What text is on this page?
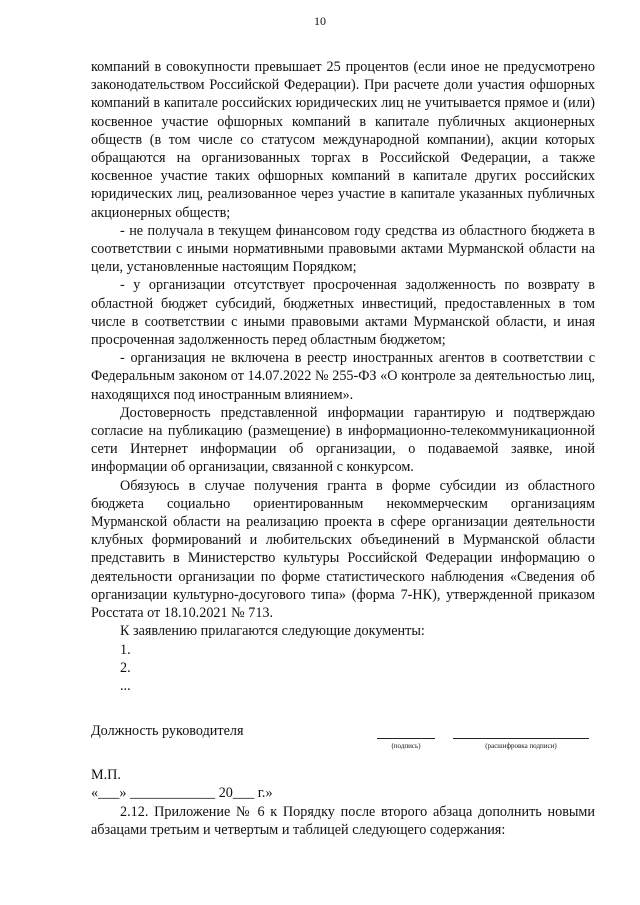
10

компаний в совокупности превышает 25 процентов (если иное не предусмотрено законодательством Российской Федерации). При расчете доли участия офшорных компаний в капитале российских юридических лиц не учитывается прямое и (или) косвенное участие офшорных компаний в капитале публичных акционерных обществ (в том числе со статусом международной компании), акции которых обращаются на организованных торгах в Российской Федерации, а также косвенное участие таких офшорных компаний в капитале других российских юридических лиц, реализованное через участие в капитале указанных публичных акционерных обществ;

- не получала в текущем финансовом году средства из областного бюджета в соответствии с иными нормативными правовыми актами Мурманской области на цели, установленные настоящим Порядком;

- у организации отсутствует просроченная задолженность по возврату в областной бюджет субсидий, бюджетных инвестиций, предоставленных в том числе в соответствии с иными правовыми актами Мурманской области, и иная просроченная задолженность перед областным бюджетом;

- организация не включена в реестр иностранных агентов в соответствии с Федеральным законом от 14.07.2022 № 255-ФЗ «О контроле за деятельностью лиц, находящихся под иностранным влиянием».

Достоверность представленной информации гарантирую и подтверждаю согласие на публикацию (размещение) в информационно-телекоммуникационной сети Интернет информации об организации, о подаваемой заявке, иной информации об организации, связанной с конкурсом.

Обязуюсь в случае получения гранта в форме субсидии из областного бюджета социально ориентированным некоммерческим организациям Мурманской области на реализацию проекта в сфере организации деятельности клубных формирований и любительских объединений в Мурманской области представить в Министерство культуры Российской Федерации информацию о деятельности организации по форме статистического наблюдения «Сведения об организации культурно-досугового типа» (форма 7-НК), утвержденной приказом Росстата от 18.10.2021 № 713.

К заявлению прилагаются следующие документы:

1.

2.

...

Должность руководителя
(подпись)	(расшифровка подписи)

М.П.

«___» ____________ 20___ г.»

2.12. Приложение № 6 к Порядку после второго абзаца дополнить новыми абзацами третьим и четвертым и таблицей следующего содержания:
